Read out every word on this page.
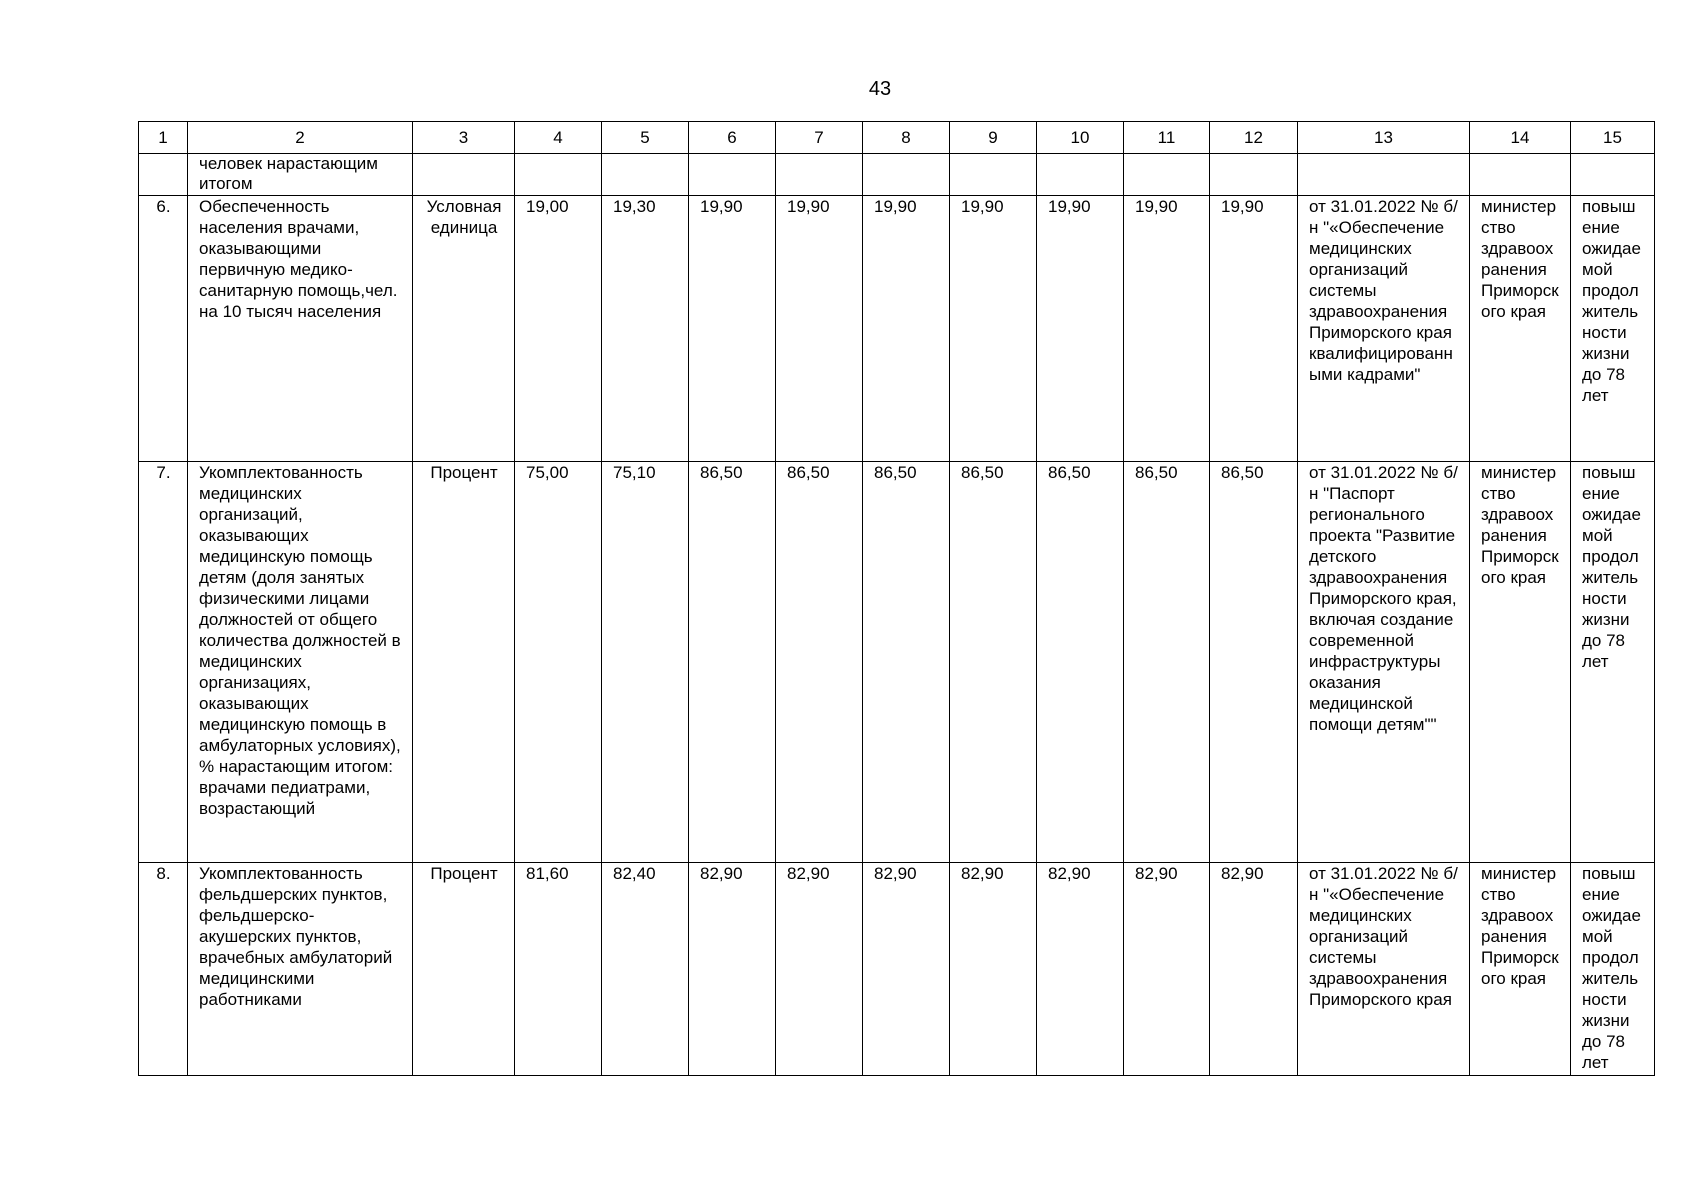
43
1	2	3	4	5	6	7	8	9	10	11	12	13	14	15
	человек нарастающим итогом													
6.	Обеспеченность населения врачами, оказывающими первичную медико-санитарную помощь,чел. на 10 тысяч населения	Условная единица	19,00	19,30	19,90	19,90	19,90	19,90	19,90	19,90	19,90	от 31.01.2022 № б/н "«Обеспечение медицинских организаций системы здравоохранения Приморского края квалифицированными кадрами"	министерство здравоохранения Приморского края	повышение ожидаемой продолжительности жизни до 78 лет
7.	Укомплектованность медицинских организаций, оказывающих медицинскую помощь детям (доля занятых физическими лицами должностей от общего количества должностей в медицинских организациях, оказывающих медицинскую помощь в амбулаторных условиях), % нарастающим итогом: врачами педиатрами, возрастающий	Процент	75,00	75,10	86,50	86,50	86,50	86,50	86,50	86,50	86,50	от 31.01.2022 № б/н "Паспорт регионального проекта "Развитие детского здравоохранения Приморского края, включая создание современной инфраструктуры оказания медицинской помощи детям""	министерство здравоохранения Приморского края	повышение ожидаемой продолжительности жизни до 78 лет
8.	Укомплектованность фельдшерских пунктов, фельдшерско-акушерских пунктов, врачебных амбулаторий медицинскими работниками	Процент	81,60	82,40	82,90	82,90	82,90	82,90	82,90	82,90	82,90	от 31.01.2022 № б/н "«Обеспечение медицинских организаций системы здравоохранения Приморского края	министерство здравоохранения Приморского края	повышение ожидаемой продолжительности жизни до 78 лет
